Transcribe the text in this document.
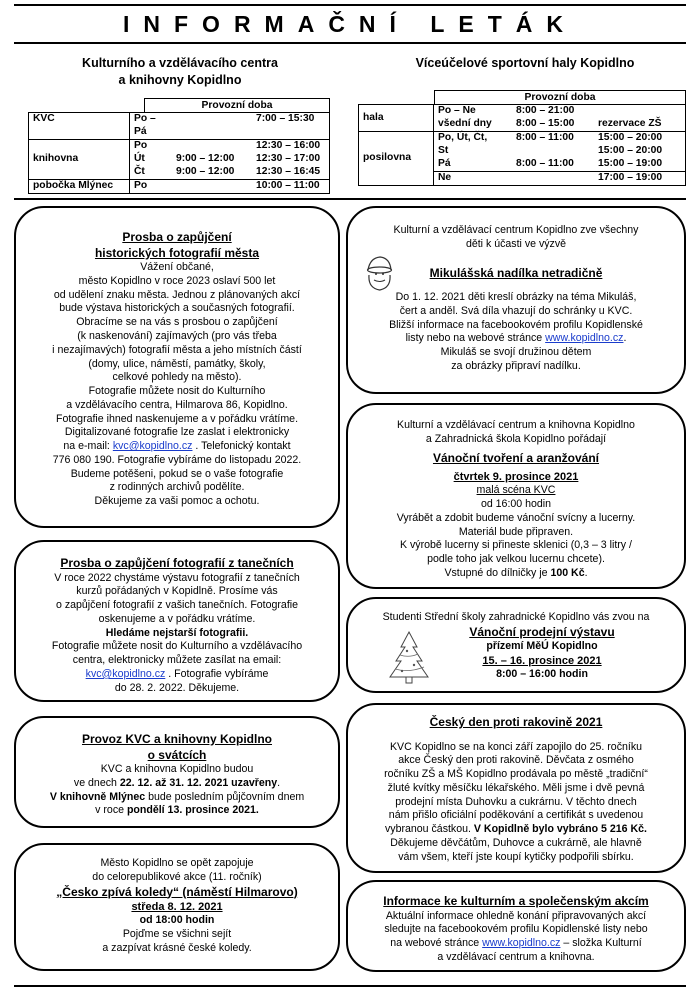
INFORMAČNÍ LETÁK
Kulturního a vzdělávacího centra
a knihovny Kopidlno
Víceúčelové sportovní haly Kopidlno
Provozní doba
KVC	Po – Pá		7:00 – 15:30
	Po		12:30 – 16:00
knihovna	Út	9:00 – 12:00	12:30 – 17:00
	Čt	9:00 – 12:00	12:30 – 16:45
pobočka Mlýnec	Po		10:00 – 11:00
Provozní doba
hala	Po – Ne	8:00 – 21:00	
	všední dny	8:00 – 15:00	rezervace ZŠ
posilovna	Po, Út, Čt,	8:00 – 11:00	15:00 – 20:00
	St		15:00 – 20:00
	Pá	8:00 – 11:00	15:00 – 19:00
	Ne		17:00 – 19:00
Prosba o zapůjčení
historických fotografií města

Vážení občané,

město Kopidlno v roce 2023 oslaví 500 let

od udělení znaku města. Jednou z plánovaných akcí

bude výstava historických a současných fotografií.

Obracíme se na vás s prosbou o zapůjčení

(k naskenování) zajímavých (pro vás třeba

i nezajímavých) fotografií města a jeho místních částí

(domy, ulice, náměstí, památky, školy,

celkové pohledy na město).

Fotografie můžete nosit do Kulturního

a vzdělávacího centra, Hilmarova 86, Kopidlno.

Fotografie ihned naskenujeme a v pořádku vrátíme.

Digitalizované fotografie lze zaslat i elektronicky

na e-mail: kvc@kopidlno.cz . Telefonický kontakt

776 080 190. Fotografie vybíráme do listopadu 2022.

Budeme potěšeni, pokud se o vaše fotografie

z rodinných archivů podělíte.

Děkujeme za vaši pomoc a ochotu.

Prosba o zapůjčení fotografií z tanečních

V roce 2022 chystáme výstavu fotografií z tanečních

kurzů pořádaných v Kopidlně. Prosíme vás

o zapůjčení fotografií z vašich tanečních. Fotografie

oskenujeme a v pořádku vrátíme.

Hledáme nejstarší fotografii.

Fotografie můžete nosit do Kulturního a vzdělávacího

centra, elektronicky můžete zasílat na email:

kvc@kopidlno.cz . Fotografie vybíráme

do 28. 2. 2022. Děkujeme.

Provoz KVC a knihovny Kopidlno
o svátcích

KVC a knihovna Kopidlno budou

ve dnech 22. 12. až 31. 12. 2021 uzavřeny.

V knihovně Mlýnec bude posledním půjčovním dnem

v roce pondělí 13. prosince 2021.

Město Kopidlno se opět zapojuje

do celorepublikové akce (11. ročník)

„Česko zpívá koledy“ (náměstí Hilmarovo)

středa 8. 12. 2021

od 18:00 hodin

Pojďme se všichni sejít

a zazpívat krásné české koledy.

Kulturní a vzdělávací centrum Kopidlno zve všechny

děti k účasti ve výzvě

Mikulášská nadílka netradičně

Do 1. 12. 2021 děti kreslí obrázky na téma Mikuláš,

čert a anděl. Svá díla vhazují do schránky u KVC.

Bližší informace na facebookovém profilu Kopidlenské

listy nebo na webové stránce www.kopidlno.cz.

Mikuláš se svojí družinou dětem

za obrázky připraví nadílku.

Kulturní a vzdělávací centrum a knihovna Kopidlno

a Zahradnická škola Kopidlno pořádají

Vánoční tvoření a aranžování

čtvrtek 9. prosince 2021

malá scéna KVC

od 16:00 hodin

Vyrábět a zdobit budeme vánoční svícny a lucerny.

Materiál bude připraven.

K výrobě lucerny si přineste sklenici (0,3 – 3 litry /

podle toho jak velkou lucernu chcete).

Vstupné do dílničky je 100 Kč.

Studenti Střední školy zahradnické Kopidlno vás zvou na

Vánoční prodejní výstavu

přízemí MěÚ Kopidlno

15. – 16. prosince 2021

8:00 – 16:00 hodin

Český den proti rakovině 2021

KVC Kopidlno se na konci září zapojilo do 25. ročníku

akce Český den proti rakovině. Děvčata z osmého

ročníku ZŠ a MŠ Kopidlno prodávala po městě „tradiční“

žluté kvítky měsíčku lékařského. Měli jsme i dvě pevná

prodejní místa Duhovku a cukrárnu. V těchto dnech

nám přišlo oficiální poděkování a certifikát s uvedenou

vybranou částkou. V Kopidlně bylo vybráno 5 216 Kč.

Děkujeme děvčátům, Duhovce a cukrárně, ale hlavně

vám všem, kteří jste koupí kytičky podpořili sbírku.

Informace ke kulturním a společenským akcím

Aktuální informace ohledně konání připravovaných akcí

sledujte na facebookovém profilu Kopidlenské listy nebo

na webové stránce www.kopidlno.cz – složka Kulturní

a vzdělávací centrum a knihovna.
